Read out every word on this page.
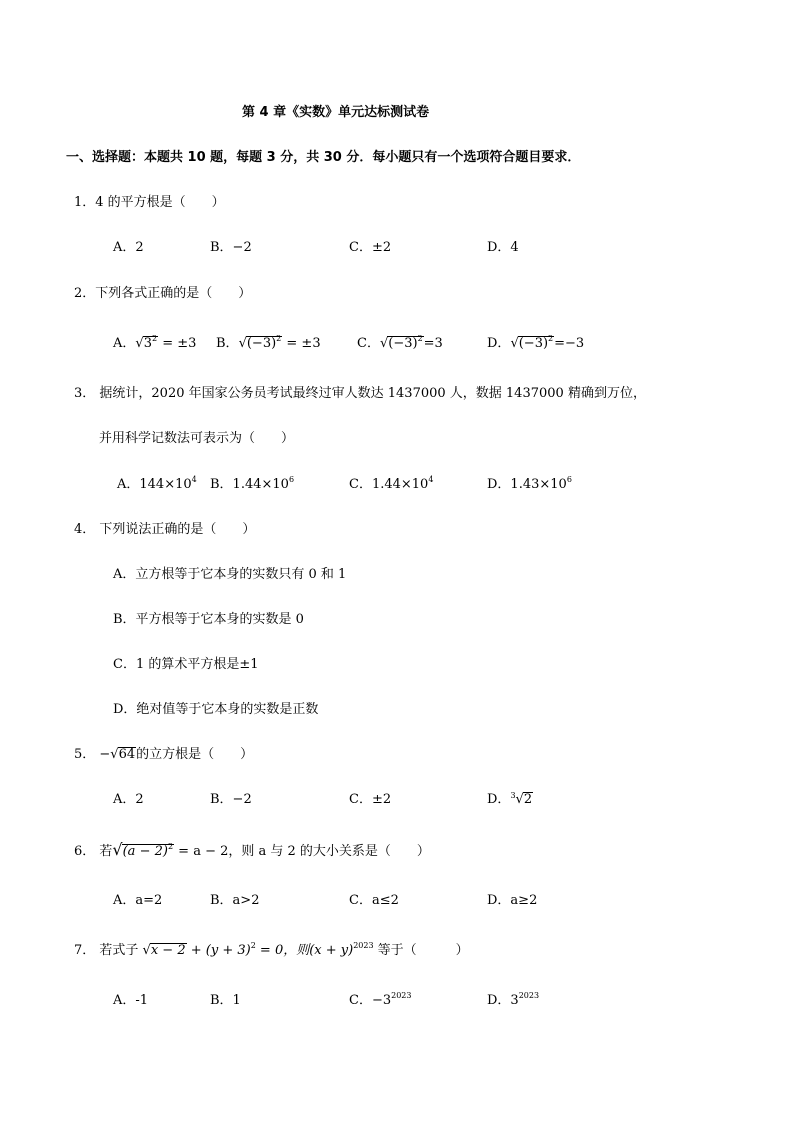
第 4 章《实数》单元达标测试卷
一、选择题：本题共 10 题，每题 3 分，共 30 分．每小题只有一个选项符合题目要求．
1．4 的平方根是（　　）
A．2	B．−2	C．±2	D．4
2．下列各式正确的是（　　）
A．$√3^2 = \pm 3$ B．$√(-3)^2 = \pm 3$	C．$√(-3)^2=3$	D．$√(-3)^2=-3$
3． 据统计，2020 年国家公务员考试最终过审人数达 1437000 人，数据 1437000 精确到万位，
并用科学记数法可表示为（　　）
A．$144\times 10^4$ B．$1.44\times 10^6$	C．$1.44\times 10^4$	D．$1.43\times 10^6$
4． 下列说法正确的是（　　）
A．立方根等于它本身的实数只有 0 和 1
B．平方根等于它本身的实数是 0
C．1 的算术平方根是±1
D．绝对值等于它本身的实数是正数
5． −√64的立方根是（　　）
A．2	B．−2	C．±2	D．$^3$√2
6． 若$√(a - 2)^2 = a - 2$，则 a 与 2 的大小关系是（　　）
A．a=2	B．a>2	C．a≤2	D．a≥2
7． 若式子 $√x - 2 + (y + 3)^2 = 0$，则$(x + y)^{2023}$ 等于（　　　）
A．-1	B．1	C．$-3^{2023}$	D．$3^{2023}$
